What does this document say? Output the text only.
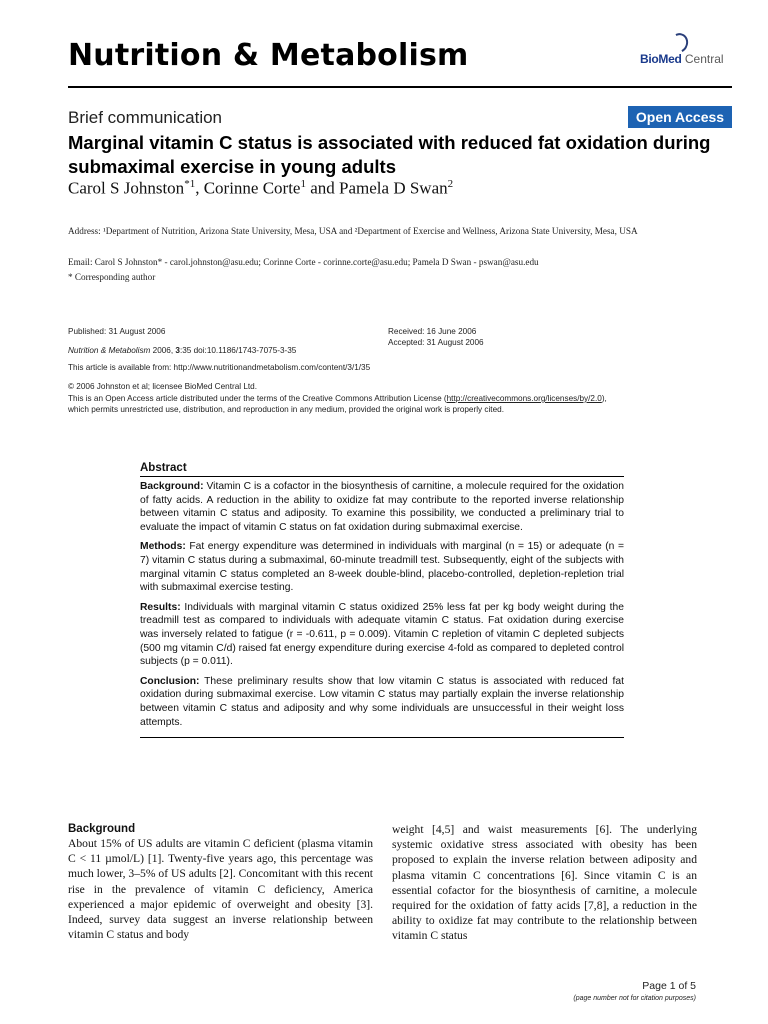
Nutrition & Metabolism	BioMed Central
Brief communication	Open Access
Marginal vitamin C status is associated with reduced fat oxidation during submaximal exercise in young adults
Carol S Johnston$^{*1}$, Corinne Corte$^1$ and Pamela D Swan$^2$
Address: ¹Department of Nutrition, Arizona State University, Mesa, USA and ²Department of Exercise and Wellness, Arizona State University, Mesa, USA
Email: Carol S Johnston* - carol.johnston@asu.edu; Corinne Corte - corinne.corte@asu.edu; Pamela D Swan - pswan@asu.edu
* Corresponding author
Published: 31 August 2006
Nutrition & Metabolism 2006, 3:35 doi:10.1186/1743-7075-3-35
Received: 16 June 2006
Accepted: 31 August 2006
This article is available from: http://www.nutritionandmetabolism.com/content/3/1/35
© 2006 Johnston et al; licensee BioMed Central Ltd.
This is an Open Access article distributed under the terms of the Creative Commons Attribution License (http://creativecommons.org/licenses/by/2.0),
which permits unrestricted use, distribution, and reproduction in any medium, provided the original work is properly cited.
Abstract

Background: Vitamin C is a cofactor in the biosynthesis of carnitine, a molecule required for the oxidation of fatty acids. A reduction in the ability to oxidize fat may contribute to the reported inverse relationship between vitamin C status and adiposity. To examine this possibility, we conducted a preliminary trial to evaluate the impact of vitamin C status on fat oxidation during submaximal exercise.

Methods: Fat energy expenditure was determined in individuals with marginal (n = 15) or adequate (n = 7) vitamin C status during a submaximal, 60-minute treadmill test. Subsequently, eight of the subjects with marginal vitamin C status completed an 8-week double-blind, placebo-controlled, depletion-repletion trial with submaximal exercise testing.

Results: Individuals with marginal vitamin C status oxidized 25% less fat per kg body weight during the treadmill test as compared to individuals with adequate vitamin C status. Fat oxidation during exercise was inversely related to fatigue (r = -0.611, p = 0.009). Vitamin C repletion of vitamin C depleted subjects (500 mg vitamin C/d) raised fat energy expenditure during exercise 4-fold as compared to depleted control subjects (p = 0.011).

Conclusion: These preliminary results show that low vitamin C status is associated with reduced fat oxidation during submaximal exercise. Low vitamin C status may partially explain the inverse relationship between vitamin C status and adiposity and why some individuals are unsuccessful in their weight loss attempts.

Background
About 15% of US adults are vitamin C deficient (plasma vitamin C < 11 µmol/L) [1]. Twenty-five years ago, this percentage was much lower, 3–5% of US adults [2]. Concomitant with this recent rise in the prevalence of vitamin C deficiency, America experienced a major epidemic of overweight and obesity [3]. Indeed, survey data suggest an inverse relationship between vitamin C status and body
weight [4,5] and waist measurements [6]. The underlying systemic oxidative stress associated with obesity has been proposed to explain the inverse relation between adiposity and plasma vitamin C concentrations [6]. Since vitamin C is an essential cofactor for the biosynthesis of carnitine, a molecule required for the oxidation of fatty acids [7,8], a reduction in the ability to oxidize fat may contribute to the relationship between vitamin C status
Page 1 of 5
(page number not for citation purposes)
